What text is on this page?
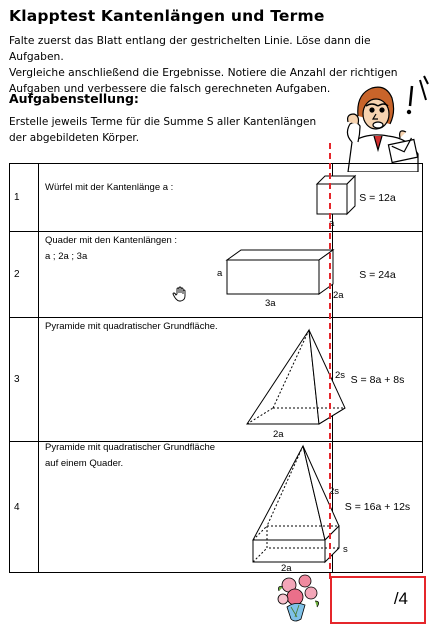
Klapptest Kantenlängen und Terme
Falte zuerst das Blatt entlang der gestrichelten Linie. Löse dann die Aufgaben.
Vergleiche anschließend die Ergebnisse. Notiere die Anzahl der richtigen
Aufgaben und verbessere die falsch gerechneten Aufgaben.
Aufgabenstellung:
Erstelle jeweils Terme für die Summe S aller Kantenlängen
der abgebildeten Körper.
1	Würfel mit der Kantenlänge a :
a	S = 12a
2	Quader mit den Kantenlängen :
a ; 2a ; 3a
a
2a
3a	S = 24a
3	Pyramide mit quadratischer Grundfläche.
2s
2a	S = 8a + 8s
4	Pyramide mit quadratischer Grundfläche
auf einem Quader.
2s
s
2a	S = 16a + 12s
/4
